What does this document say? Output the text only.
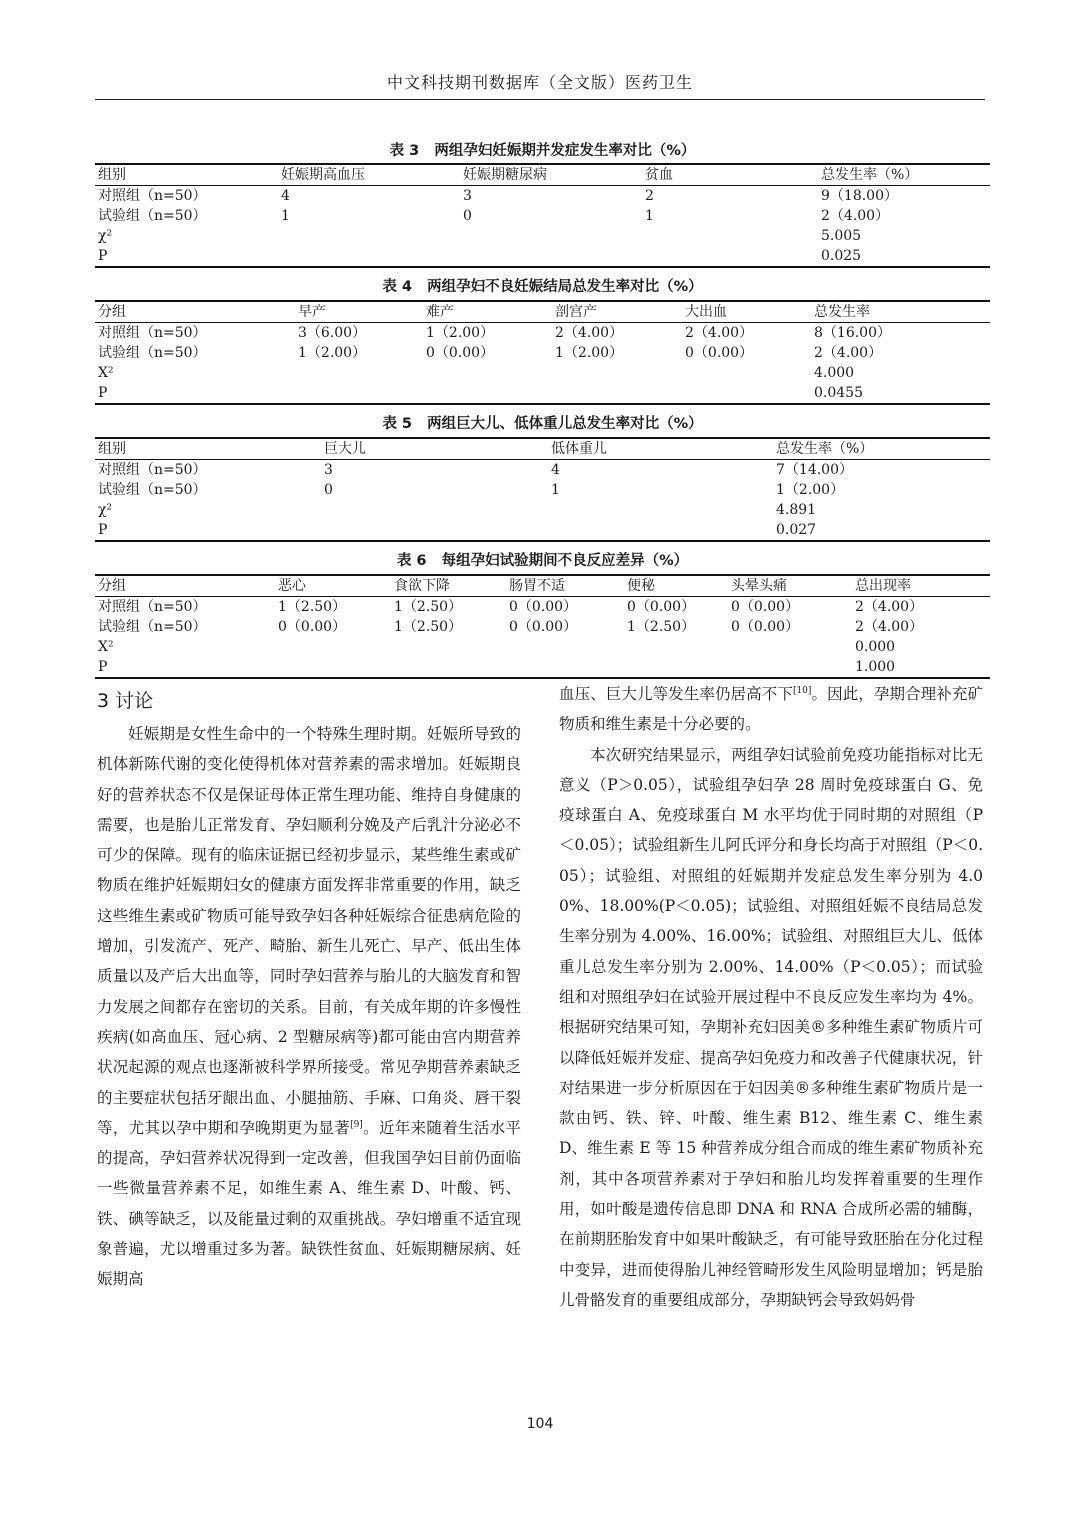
中文科技期刊数据库（全文版）医药卫生
表 3   两组孕妇妊娠期并发症发生率对比（%）
组别	妊娠期高血压	妊娠期糖尿病	贫血	总发生率（%）
对照组（n=50）	4	3	2	9（18.00）
试验组（n=50）	1	0	1	2（4.00）
χ²				5.005
P				0.025
表 4   两组孕妇不良妊娠结局总发生率对比（%）
分组	早产	难产	剖宫产	大出血	总发生率
对照组（n=50）	3（6.00）	1（2.00）	2（4.00）	2（4.00）	8（16.00）
试验组（n=50）	1（2.00）	0（0.00）	1（2.00）	0（0.00）	2（4.00）
X²					4.000
P					0.0455
表 5   两组巨大儿、低体重儿总发生率对比（%）
组别	巨大儿	低体重儿	总发生率（%）
对照组（n=50）	3	4	7（14.00）
试验组（n=50）	0	1	1（2.00）
χ²			4.891
P			0.027
表 6   每组孕妇试验期间不良反应差异（%）
分组	恶心	食欲下降	肠胃不适	便秘	头晕头痛	总出现率
对照组（n=50）	1（2.50）	1（2.50）	0（0.00）	0（0.00）	0（0.00）	2（4.00）
试验组（n=50）	0（0.00）	1（2.50）	0（0.00）	1（2.50）	0（0.00）	2（4.00）
X²						0.000
P						1.000
3 讨论

妊娠期是女性生命中的一个特殊生理时期。妊娠所导致的机体新陈代谢的变化使得机体对营养素的需求增加。妊娠期良好的营养状态不仅是保证母体正常生理功能、维持自身健康的需要，也是胎儿正常发育、孕妇顺利分娩及产后乳汁分泌必不可少的保障。现有的临床证据已经初步显示，某些维生素或矿物质在维护妊娠期妇女的健康方面发挥非常重要的作用，缺乏这些维生素或矿物质可能导致孕妇各种妊娠综合征患病危险的增加，引发流产、死产、畸胎、新生儿死亡、早产、低出生体质量以及产后大出血等，同时孕妇营养与胎儿的大脑发育和智力发展之间都存在密切的关系。目前，有关成年期的许多慢性疾病(如高血压、冠心病、2 型糖尿病等)都可能由宫内期营养状况起源的观点也逐渐被科学界所接受。常见孕期营养素缺乏的主要症状包括牙龈出血、小腿抽筋、手麻、口角炎、唇干裂等，尤其以孕中期和孕晚期更为显著[9]。近年来随着生活水平的提高，孕妇营养状况得到一定改善，但我国孕妇目前仍面临一些微量营养素不足，如维生素 A、维生素 D、叶酸、钙、铁、碘等缺乏，以及能量过剩的双重挑战。孕妇增重不适宜现象普遍，尤以增重过多为著。缺铁性贫血、妊娠期糖尿病、妊娠期高

血压、巨大儿等发生率仍居高不下[10]。因此，孕期合理补充矿物质和维生素是十分必要的。

本次研究结果显示，两组孕妇试验前免疫功能指标对比无意义（P＞0.05），试验组孕妇孕 28 周时免疫球蛋白 G、免疫球蛋白 A、免疫球蛋白 M 水平均优于同时期的对照组（P＜0.05）；试验组新生儿阿氏评分和身长均高于对照组（P＜0.05）；试验组、对照组的妊娠期并发症总发生率分别为 4.00%、18.00%(P＜0.05)；试验组、对照组妊娠不良结局总发生率分别为 4.00%、16.00%；试验组、对照组巨大儿、低体重儿总发生率分别为 2.00%、14.00%（P＜0.05）；而试验组和对照组孕妇在试验开展过程中不良反应发生率均为 4%。根据研究结果可知，孕期补充妇因美®多种维生素矿物质片可以降低妊娠并发症、提高孕妇免疫力和改善子代健康状况，针对结果进一步分析原因在于妇因美®多种维生素矿物质片是一款由钙、铁、锌、叶酸、维生素 B12、维生素 C、维生素 D、维生素 E 等 15 种营养成分组合而成的维生素矿物质补充剂，其中各项营养素对于孕妇和胎儿均发挥着重要的生理作用，如叶酸是遗传信息即 DNA 和 RNA 合成所必需的辅酶，在前期胚胎发育中如果叶酸缺乏，有可能导致胚胎在分化过程中变异，进而使得胎儿神经管畸形发生风险明显增加；钙是胎儿骨骼发育的重要组成部分，孕期缺钙会导致妈妈骨

104
